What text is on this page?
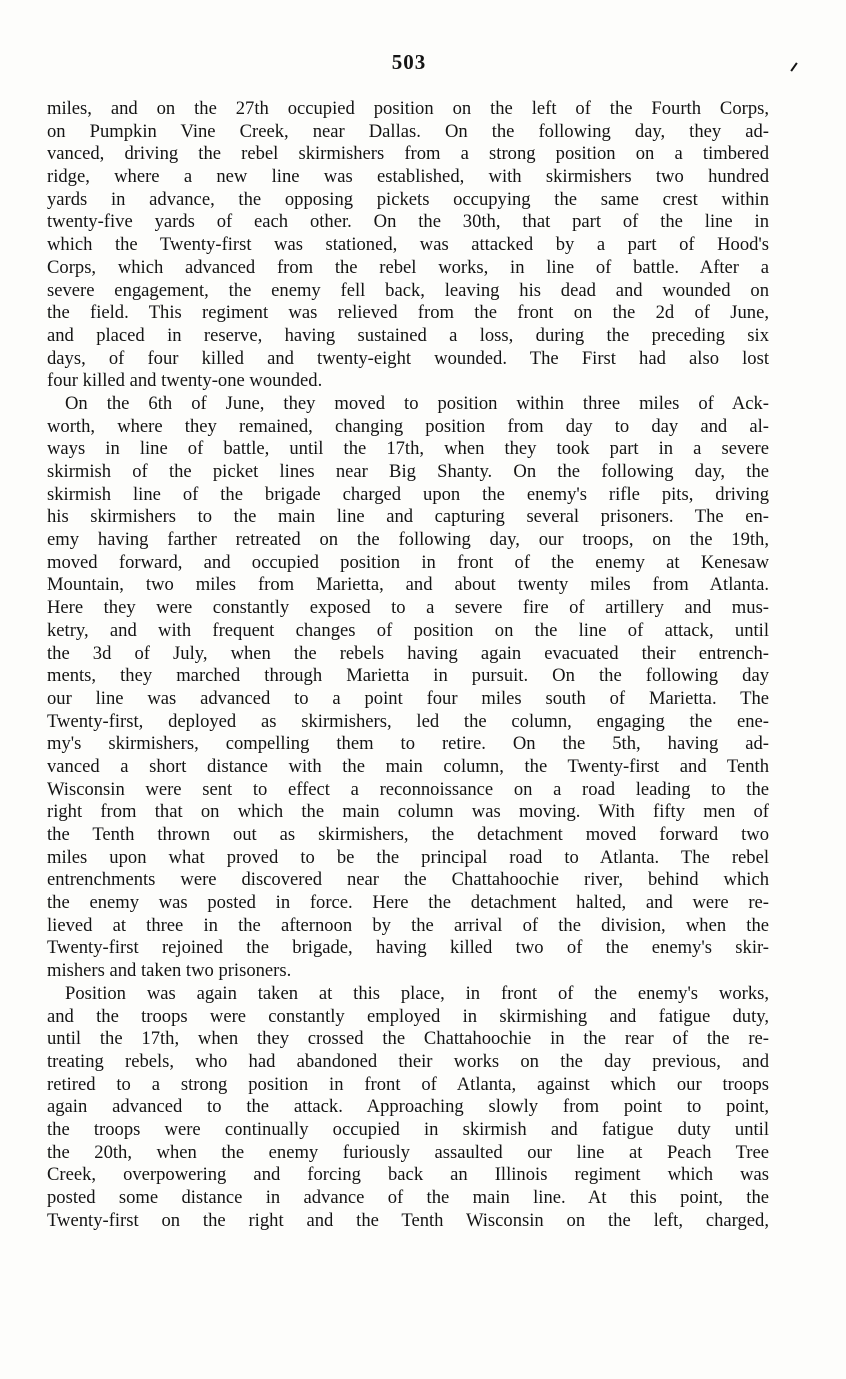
503
miles, and on the 27th occupied position on the left of the Fourth Corps,
on Pumpkin Vine Creek, near Dallas. On the following day, they ad-
vanced, driving the rebel skirmishers from a strong position on a timbered
ridge, where a new line was established, with skirmishers two hundred
yards in advance, the opposing pickets occupying the same crest within
twenty-five yards of each other. On the 30th, that part of the line in
which the Twenty-first was stationed, was attacked by a part of Hood's
Corps, which advanced from the rebel works, in line of battle. After a
severe engagement, the enemy fell back, leaving his dead and wounded on
the field. This regiment was relieved from the front on the 2d of June,
and placed in reserve, having sustained a loss, during the preceding six
days, of four killed and twenty-eight wounded. The First had also lost
four killed and twenty-one wounded.
On the 6th of June, they moved to position within three miles of Ack-
worth, where they remained, changing position from day to day and al-
ways in line of battle, until the 17th, when they took part in a severe
skirmish of the picket lines near Big Shanty. On the following day, the
skirmish line of the brigade charged upon the enemy's rifle pits, driving
his skirmishers to the main line and capturing several prisoners. The en-
emy having farther retreated on the following day, our troops, on the 19th,
moved forward, and occupied position in front of the enemy at Kenesaw
Mountain, two miles from Marietta, and about twenty miles from Atlanta.
Here they were constantly exposed to a severe fire of artillery and mus-
ketry, and with frequent changes of position on the line of attack, until
the 3d of July, when the rebels having again evacuated their entrench-
ments, they marched through Marietta in pursuit. On the following day
our line was advanced to a point four miles south of Marietta. The
Twenty-first, deployed as skirmishers, led the column, engaging the ene-
my's skirmishers, compelling them to retire. On the 5th, having ad-
vanced a short distance with the main column, the Twenty-first and Tenth
Wisconsin were sent to effect a reconnoissance on a road leading to the
right from that on which the main column was moving. With fifty men of
the Tenth thrown out as skirmishers, the detachment moved forward two
miles upon what proved to be the principal road to Atlanta. The rebel
entrenchments were discovered near the Chattahoochie river, behind which
the enemy was posted in force. Here the detachment halted, and were re-
lieved at three in the afternoon by the arrival of the division, when the
Twenty-first rejoined the brigade, having killed two of the enemy's skir-
mishers and taken two prisoners.
Position was again taken at this place, in front of the enemy's works,
and the troops were constantly employed in skirmishing and fatigue duty,
until the 17th, when they crossed the Chattahoochie in the rear of the re-
treating rebels, who had abandoned their works on the day previous, and
retired to a strong position in front of Atlanta, against which our troops
again advanced to the attack. Approaching slowly from point to point,
the troops were continually occupied in skirmish and fatigue duty until
the 20th, when the enemy furiously assaulted our line at Peach Tree
Creek, overpowering and forcing back an Illinois regiment which was
posted some distance in advance of the main line. At this point, the
Twenty-first on the right and the Tenth Wisconsin on the left, charged,
